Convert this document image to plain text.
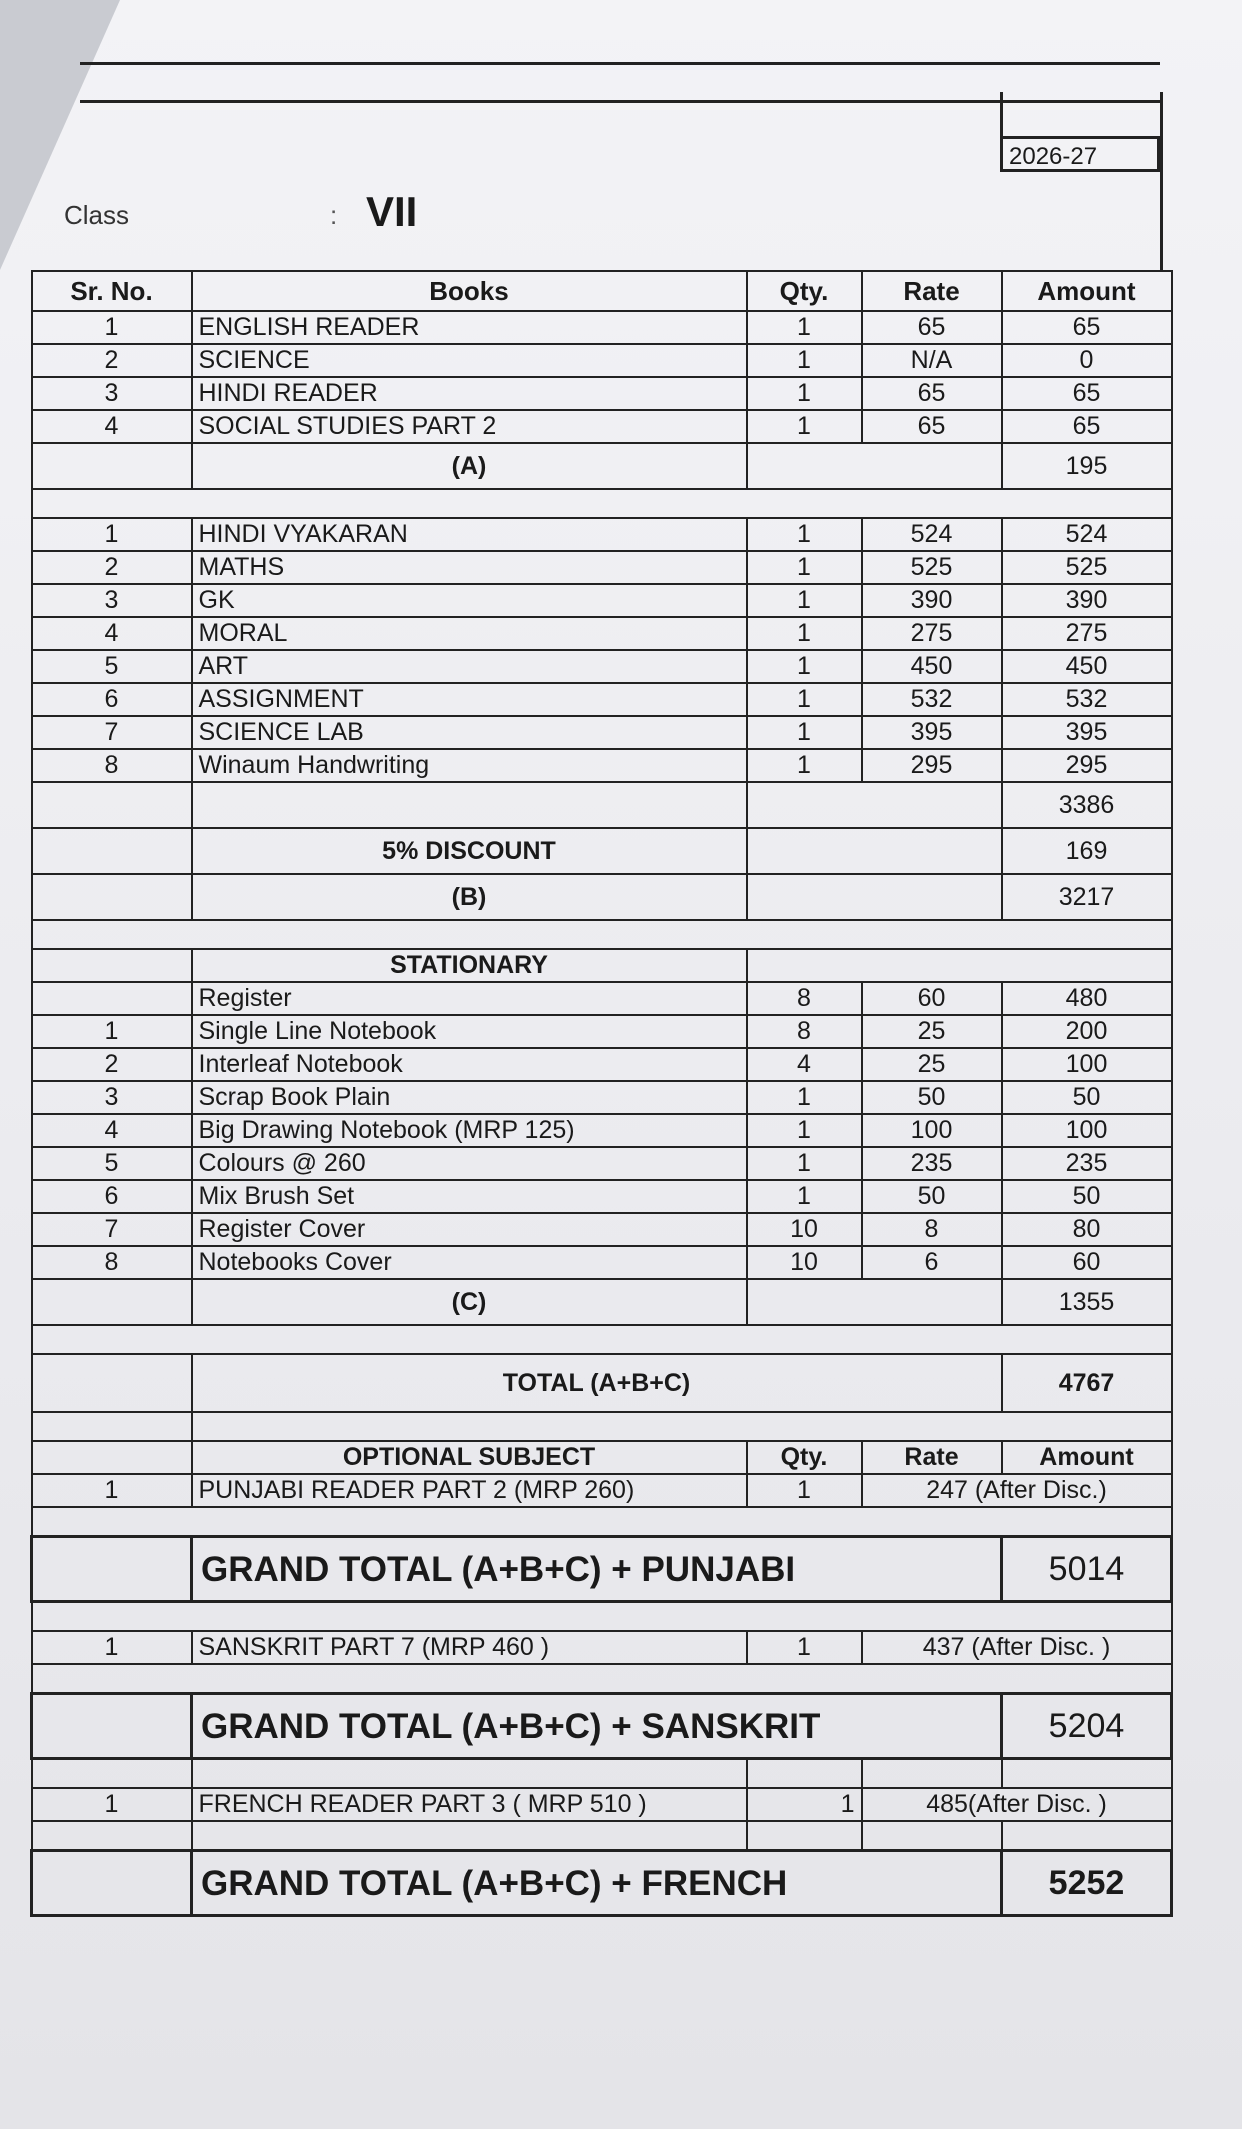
2026-27
Class	: VII
Sr. No.	Books	Qty.	Rate	Amount
1	ENGLISH READER	1	65	65
2	SCIENCE	1	N/A	0
3	HINDI READER	1	65	65
4	SOCIAL STUDIES PART 2	1	65	65
	(A)			195

1	HINDI VYAKARAN	1	524	524
2	MATHS	1	525	525
3	GK	1	390	390
4	MORAL	1	275	275
5	ART	1	450	450
6	ASSIGNMENT	1	532	532
7	SCIENCE LAB	1	395	395
8	Winaum Handwriting	1	295	295
				3386
	5% DISCOUNT			169
	(B)			3217

	STATIONARY			
	Register	8	60	480
1	Single Line Notebook	8	25	200
2	Interleaf Notebook	4	25	100
3	Scrap Book Plain	1	50	50
4	Big Drawing Notebook (MRP 125)	1	100	100
5	Colours @ 260	1	235	235
6	Mix Brush Set	1	50	50
7	Register Cover	10	8	80
8	Notebooks Cover	10	6	60
	(C)			1355

	TOTAL (A+B+C)			4767

	OPTIONAL SUBJECT	Qty.	Rate	Amount
1	PUNJABI READER PART 2 (MRP 260)	1	247 (After Disc.)	

	GRAND TOTAL (A+B+C) + PUNJABI			5014

1	SANSKRIT PART 7 (MRP 460 )	1	437 (After Disc. )	

	GRAND TOTAL (A+B+C) + SANSKRIT			5204

1	FRENCH READER PART 3 ( MRP 510 )	1	485(After Disc. )	

	GRAND TOTAL (A+B+C) + FRENCH			5252
